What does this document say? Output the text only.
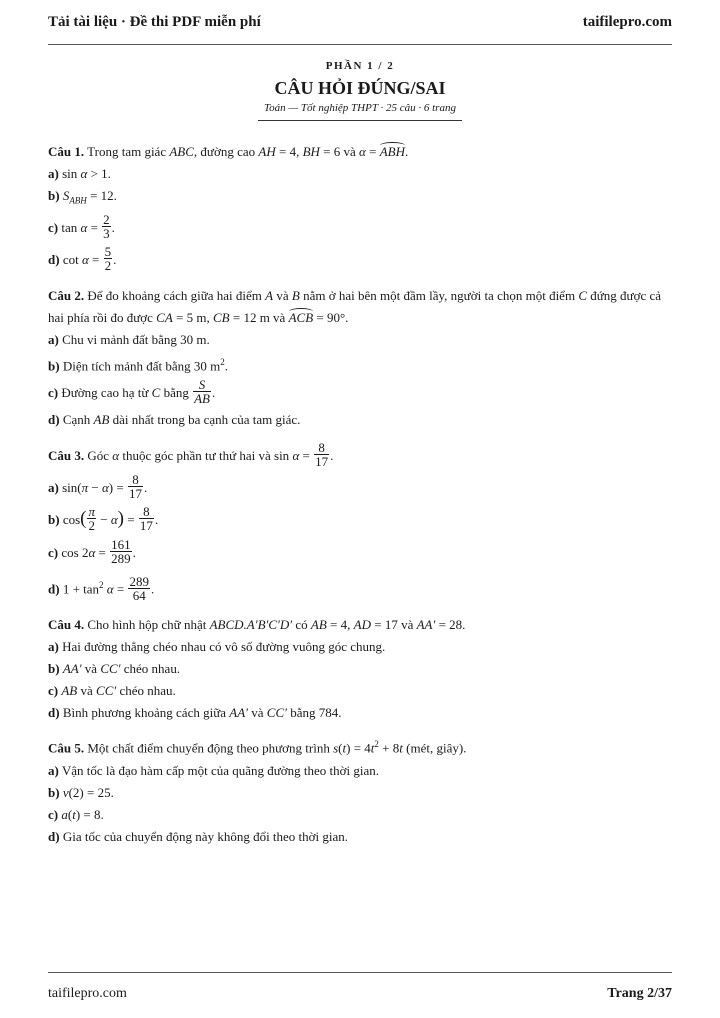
Tải tài liệu · Đề thi PDF miễn phí	taifilepro.com
PHẦN 1 / 2
CÂU HỎI ĐÚNG/SAI
Toán — Tốt nghiệp THPT · 25 câu · 6 trang
Câu 1. Trong tam giác ABC, đường cao AH = 4, BH = 6 và α = ABH.
a) sin α > 1.
b) $S_{ABH} = 12$.
c) $\tan \alpha = \frac{2}{3}$ .
d) $\cot \alpha = \frac{5}{2}$ .
Câu 2. Để đo khoảng cách giữa hai điểm A và B nằm ở hai bên một đầm lầy, người ta chọn một điểm C đứng được cả hai phía rồi đo được CA = 5 m, CB = 12 m và ACB = 90°.
a) Chu vi mảnh đất bằng 30 m.
b) Diện tích mảnh đất bằng 30 $m^2$.
c) Đường cao hạ từ C bằng $\frac{S}{AB}$ .
d) Cạnh AB dài nhất trong ba cạnh của tam giác.
Câu 3. Góc α thuộc góc phần tư thứ hai và $\sin \alpha = \frac{8}{17}$ .
a) $\sin(\pi - \alpha) = \frac{8}{17}$ .
b) $\cos( \frac{\pi}{2} - \alpha) = \frac{8}{17}$ .
c) $\cos 2\alpha = \frac{161}{289}$ .
d) $1 + \tan^2 \alpha = \frac{289}{64}$ .
Câu 4. Cho hình hộp chữ nhật ABCD.A′B′C′D′ có AB = 4, AD = 17 và AA′ = 28.
a) Hai đường thẳng chéo nhau có vô số đường vuông góc chung.
b) AA′ và CC′ chéo nhau.
c) AB và CC′ chéo nhau.
d) Bình phương khoảng cách giữa AA′ và CC′ bằng 784.
Câu 5. Một chất điểm chuyển động theo phương trình $s(t) = 4t^2 + 8t$ (mét, giây).
a) Vận tốc là đạo hàm cấp một của quãng đường theo thời gian.
b) v(2) = 25.
c) a(t) = 8.
d) Gia tốc của chuyển động này không đổi theo thời gian.
taifilepro.com	Trang 2/37
